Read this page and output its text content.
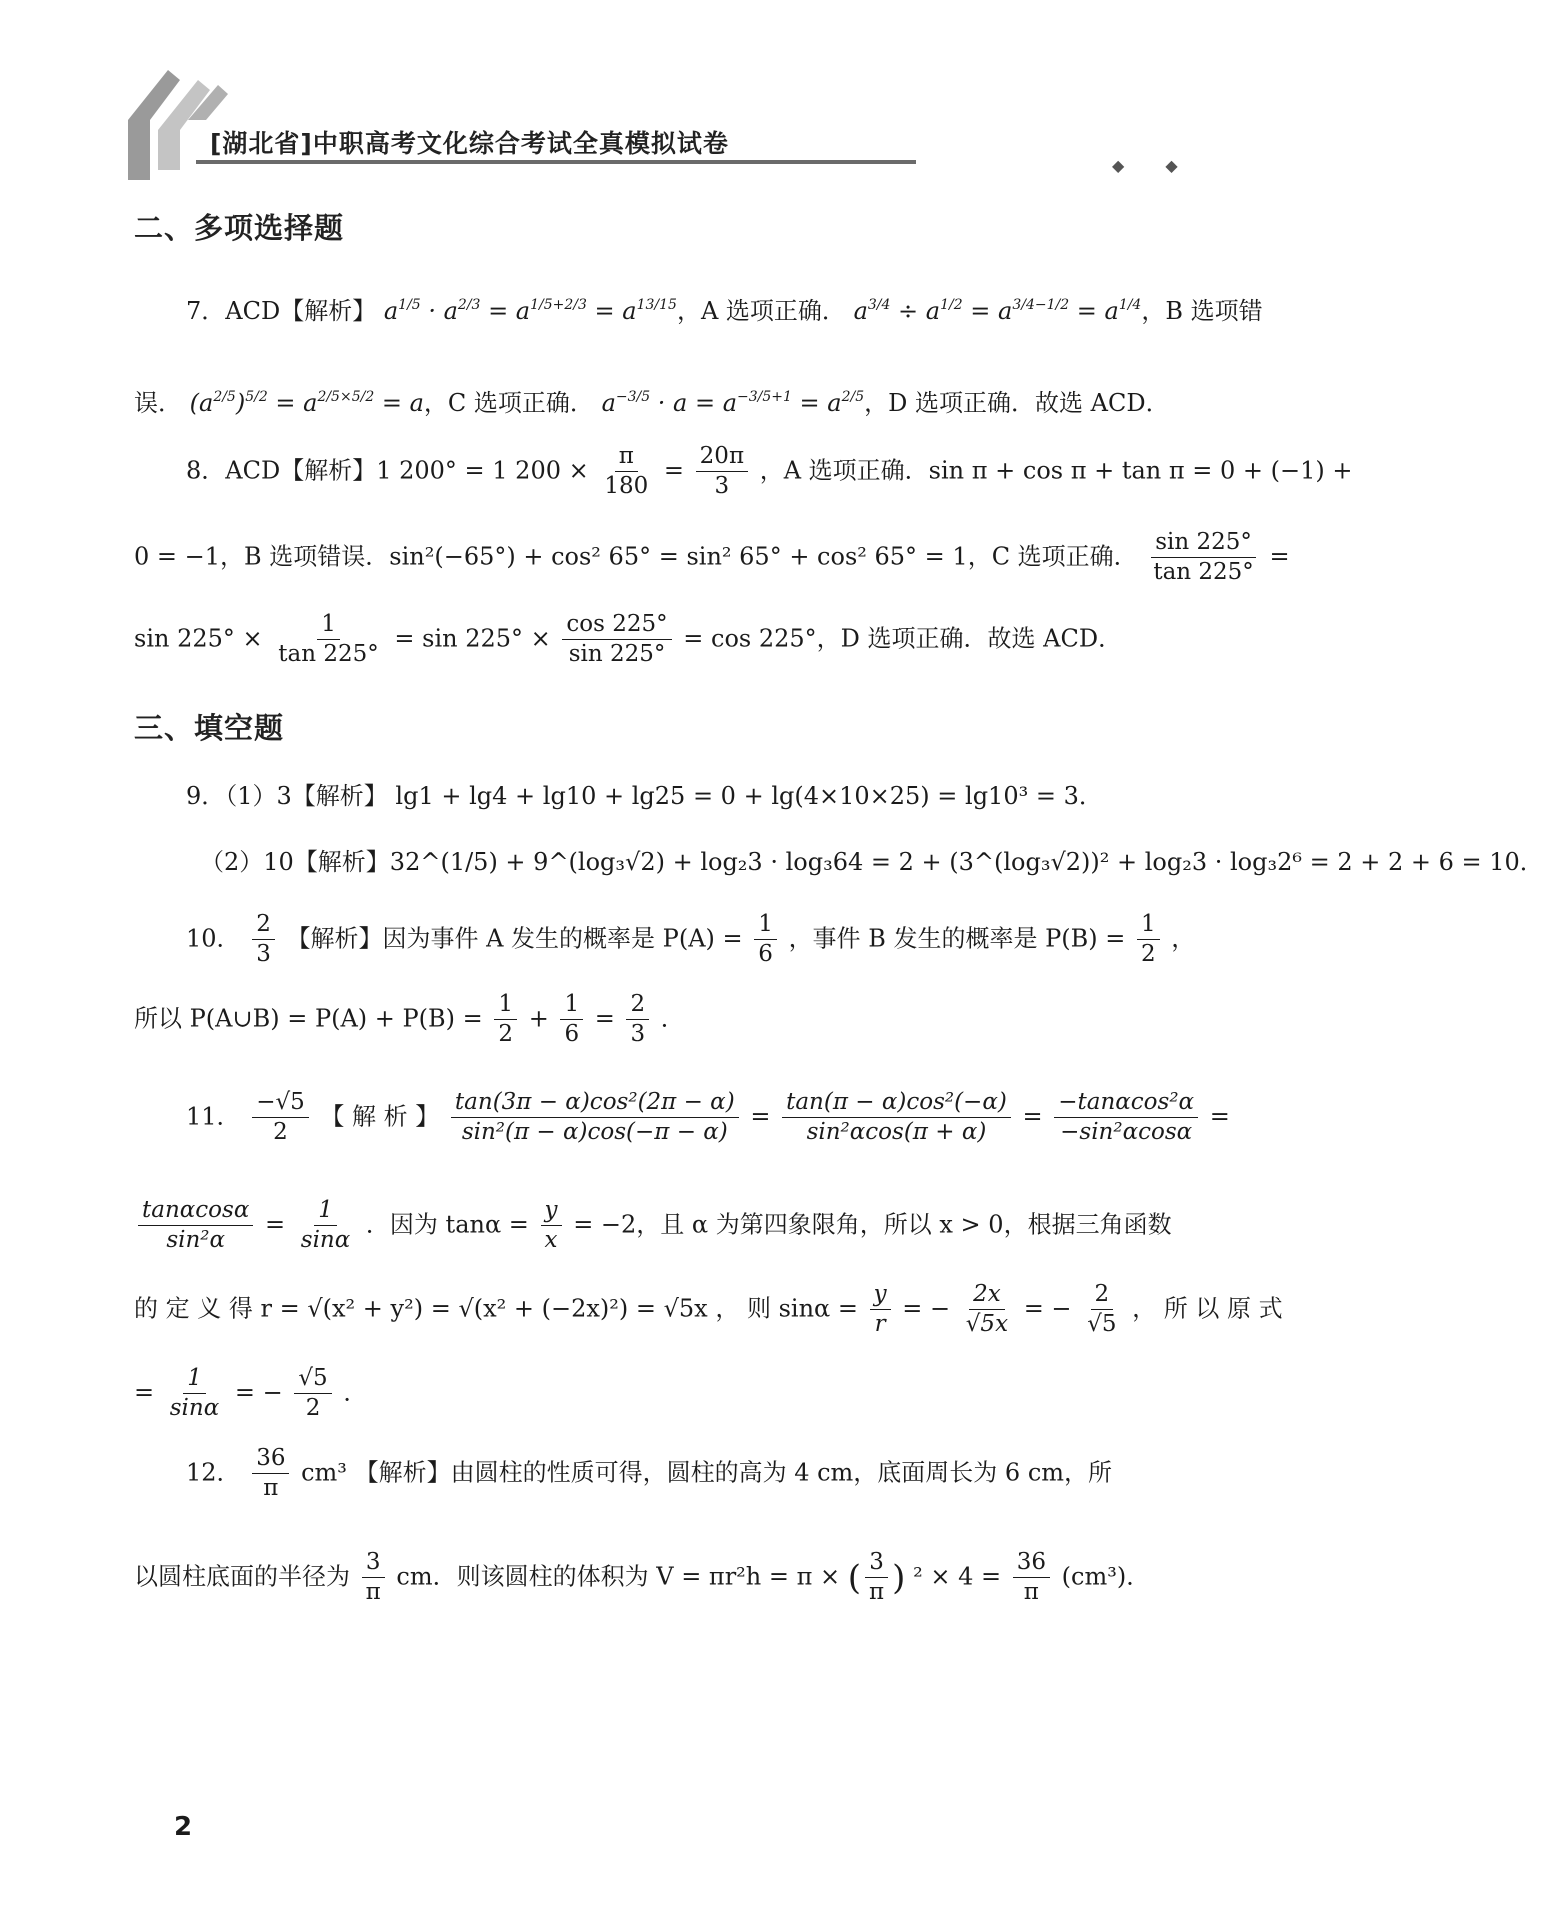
[湖北省]中职高考文化综合考试全真模拟试卷
◆ ◆
二、多项选择题
7．ACD【解析】 $a^{1/5} \cdot a^{2/3} = a^{1/5+2/3} = a^{13/15}$，A 选项正确． $a^{3/4} \div a^{1/2} = a^{3/4-1/2} = a^{1/4}$，B 选项错
误． $(a^{2/5})^{5/2} = a^{2/5\times 5/2} = a$，C 选项正确． $a^{-3/5} \cdot a = a^{-3/5+1} = a^{2/5}$，D 选项正确．故选 ACD．
8．ACD【解析】1 200° = 1 $200 \times \frac{\pi}{180} = \frac{20\pi}{3}$ ，A 选项正确．sin π + cos π + tan π = 0 + (−1) +
0 = −1，B 选项错误．sin²(−65°) + cos² 65° = sin² 65° + cos² 65° = 1，C 选项正确． $\frac{\sin 225^\circ}{\tan 225^\circ}$ =
$\sin 225^\circ \times \frac{1}{\tan 225^\circ} = \sin 225^\circ \times \frac{\cos 225^\circ}{\sin 225^\circ} = \cos 225^\circ$，D 选项正确．故选 ACD．
三、填空题
9．（1）3【解析】 lg1 + lg4 + lg10 + lg25 = 0 + lg(4×10×25) = lg10³ = 3．
（2）10【解析】32^(1/5) + 9^(log₃√2) + log₂3 · log₃64 = 2 + (3^(log₃√2))² + log₂3 · log₃2⁶ = 2 + 2 + 6 = 10．
10． $\frac{2}{3}$ 【解析】因为事件 A 发生的概率是 $P(A) = \frac{1}{6}$ ，事件 B 发生的概率是 $P(B) = \frac{1}{2}$ ，
所以 P(A∪B) = $P(A) + P(B) = \frac{1}{2} + \frac{1}{6} = \frac{2}{3}$ ．
11． $\frac{-√5}{2}$ 【 解 析 】 $\frac{\text{tan(3π − α)cos²(2π − α)}}{\text{sin²(π − α)cos(−π − α)}} = \frac{\text{tan(π − α)cos²(−α)}}{\text{sin²αcos(π + α)}} = \frac{\text{−tanαcos²α}}{\text{−sin²αcosα}}$ =
$\frac{\tan\alpha\cos\alpha}{\text{sin²α}} = \frac{1}{\sin\alpha}$ ．因为 $\tan\alpha = \frac{y}{x} = -2$，且 α 为第四象限角，所以 x > 0，根据三角函数
的 定 义 得 r = √(x² + y²) = √(x² + (−2x)²) = √5x ， 则 $\sin\alpha = \frac{y}{r}$ = − $\frac{2x}{√5x}$ = − $\frac{2}{√5}$ ， 所 以 原 式
= $\frac{1}{\sin\alpha}$ = − $\frac{√5}{2}$ ．
12． $\frac{36}{\pi} cm^3$ 【解析】由圆柱的性质可得，圆柱的高为 4 cm，底面周长为 6 cm，所
以圆柱底面的半径为 $\frac{3}{\pi}$ cm．则该圆柱的体积为 V = πr²h = π × ( $\frac{3}{\pi}$ ) $^2 \times 4 = \frac{36}{\pi} (cm^3)$．
2
